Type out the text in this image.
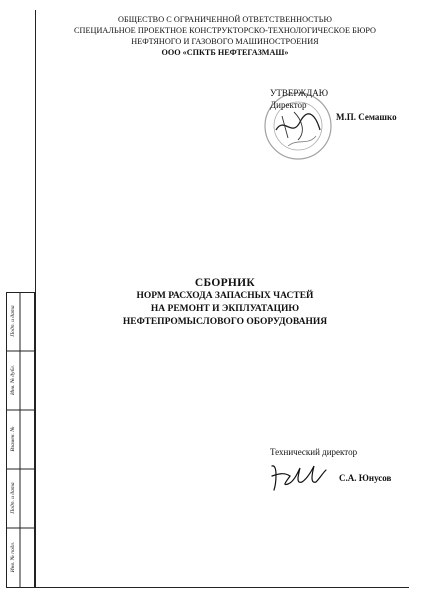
ОБЩЕСТВО С ОГРАНИЧЕННОЙ ОТВЕТСТВЕННОСТЬЮ
СПЕЦИАЛЬНОЕ ПРОЕКТНОЕ КОНСТРУКТОРСКО-ТЕХНОЛОГИЧЕСКОЕ БЮРО
НЕФТЯНОГО И ГАЗОВОГО МАШИНОСТРОЕНИЯ
ООО «СПКТБ НЕФТЕГАЗМАШ»
УТВЕРЖДАЮ
Директор
М.П. Семашко
СБОРНИК
НОРМ РАСХОДА ЗАПАСНЫХ ЧАСТЕЙ
НА РЕМОНТ И ЭКПЛУАТАЦИЮ
НЕФТЕПРОМЫСЛОВОГО ОБОРУДОВАНИЯ
Технический директор
С.А. Юнусов
Подп. и дата
Инв. № дубл.
Взамен. №
Подп. и дата
Инв. № подл.
